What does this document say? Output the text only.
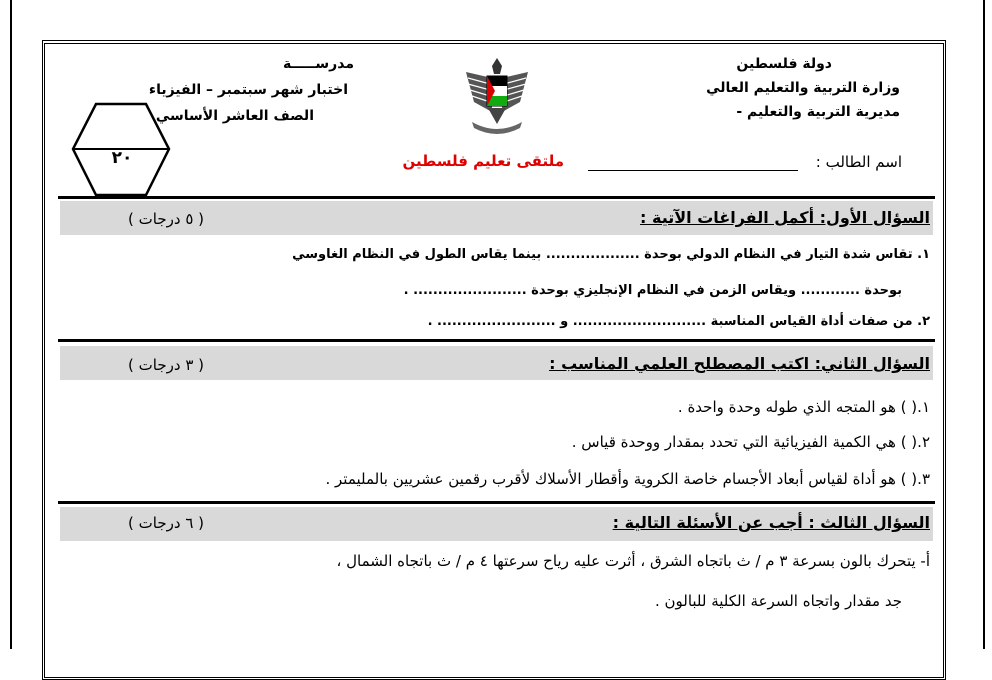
دولة فلسطين
وزارة التربية والتعليم العالي
مديرية التربية والتعليم -
مدرســـــة
اختبار شهر سبتمبر – الفيزياء
الصف العاشر الأساسي
٢٠	اسم الطالب :
ملتقى تعليم فلسطين
السؤال الأول: أكمل الفراغات الآتية :
( ٥ درجات )
١. تقاس شدة التيار في النظام الدولي بوحدة ................... بينما يقاس الطول في النظام الغاوسي
بوحدة ............ ويقاس الزمن في النظام الإنجليزي بوحدة ....................... .
٢. من صفات أداة القياس المناسبة ........................... و ........................ .
السؤال الثاني: اكتب المصطلح العلمي المناسب :
( ٣ درجات )
١.( ) هو المتجه الذي طوله وحدة واحدة .
٢.( ) هي الكمية الفيزيائية التي تحدد بمقدار ووحدة قياس .
٣.( ) هو أداة لقياس أبعاد الأجسام خاصة الكروية وأقطار الأسلاك لأقرب رقمين عشريين بالمليمتر .
السؤال الثالث : أجب عن الأسئلة التالية :
( ٦ درجات )
أ- يتحرك بالون بسرعة ٣ م / ث باتجاه الشرق ، أثرت عليه رياح سرعتها ٤ م / ث باتجاه الشمال ،
جد مقدار واتجاه السرعة الكلية للبالون .
